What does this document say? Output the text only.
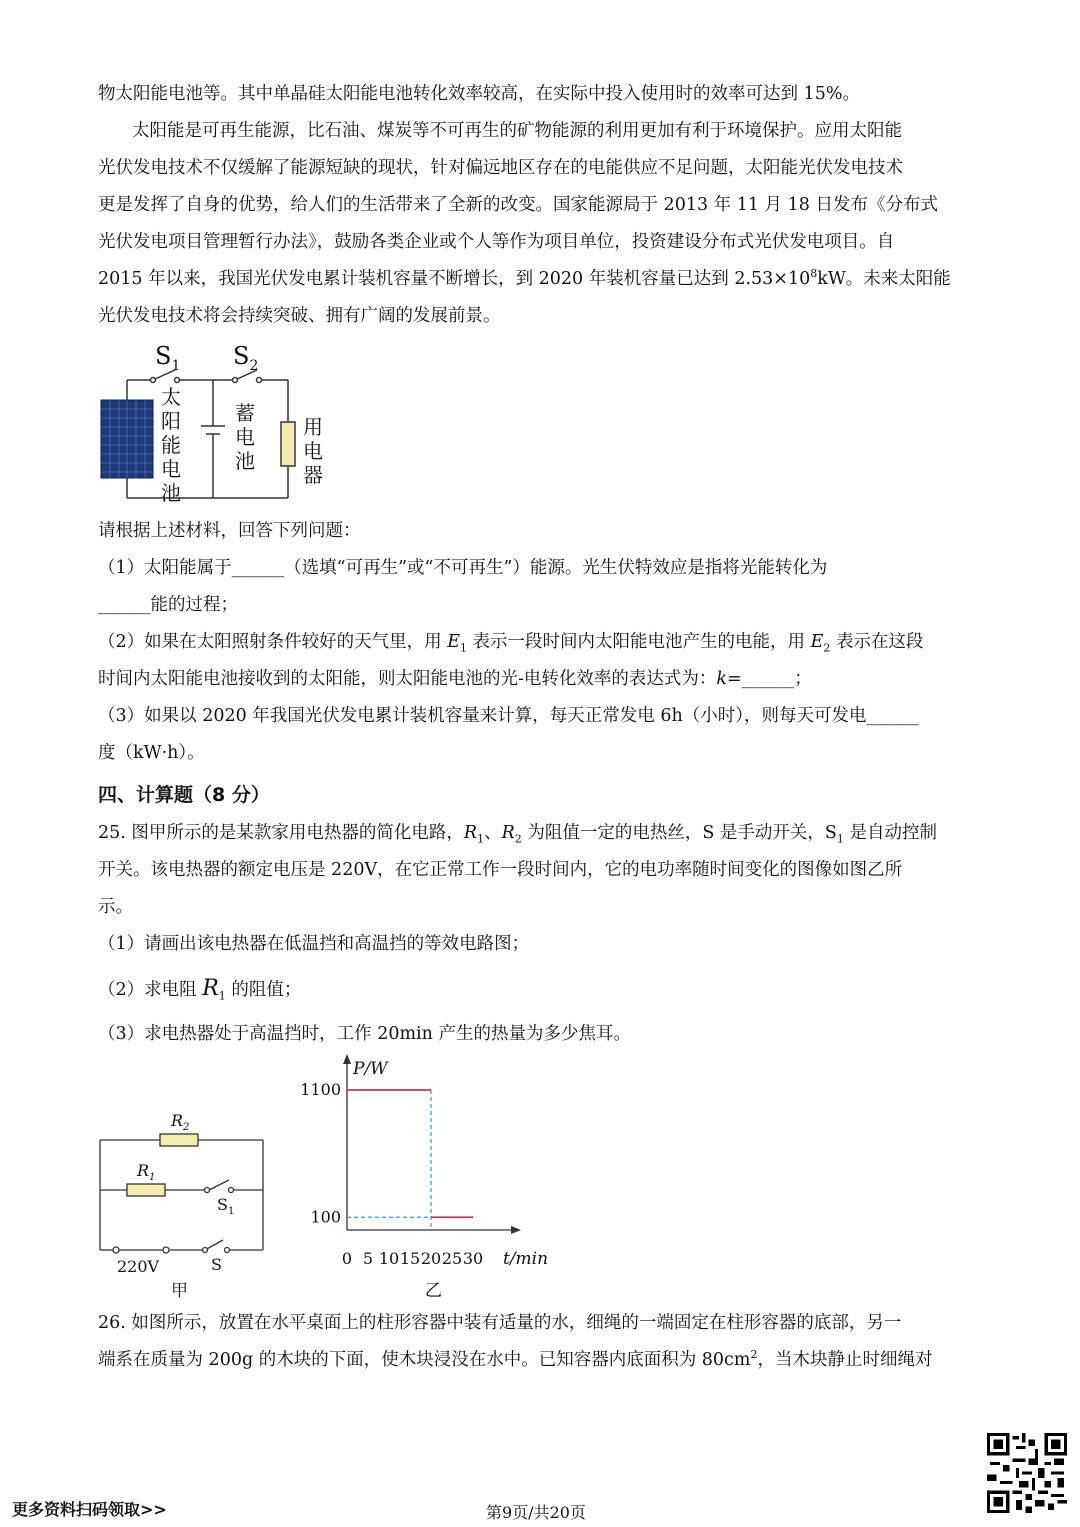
物太阳能电池等。其中单晶硅太阳能电池转化效率较高，在实际中投入使用时的效率可达到 15%。
太阳能是可再生能源，比石油、煤炭等不可再生的矿物能源的利用更加有利于环境保护。应用太阳能
光伏发电技术不仅缓解了能源短缺的现状，针对偏远地区存在的电能供应不足问题，太阳能光伏发电技术
更是发挥了自身的优势，给人们的生活带来了全新的改变。国家能源局于 2013 年 11 月 18 日发布《分布式
光伏发电项目管理暂行办法》，鼓励各类企业或个人等作为项目单位，投资建设分布式光伏发电项目。自
2015 年以来，我国光伏发电累计装机容量不断增长，到 2020 年装机容量已达到 $2.53\times 10^8kW$。未来太阳能
光伏发电技术将会持续突破、拥有广阔的发展前景。
$S_1$ $S_2$
太
阳
能
电
池
蓄
电
池
用
电
器
请根据上述材料，回答下列问题：
（1）太阳能属于______（选填“可再生”或“不可再生”）能源。光生伏特效应是指将光能转化为
______能的过程；
（2）如果在太阳照射条件较好的天气里，用 $E_1$ 表示一段时间内太阳能电池产生的电能，用 $E_2$ 表示在这段
时间内太阳能电池接收到的太阳能，则太阳能电池的光-电转化效率的表达式为：k=______；
（3）如果以 2020 年我国光伏发电累计装机容量来计算，每天正常发电 6h（小时），则每天可发电______
度（kW·h）。
四、计算题（8 分）
25. 图甲所示的是某款家用电热器的简化电路，$R_1$、$R_2$ 为阻值一定的电热丝，S 是手动开关，$S_1$ 是自动控制
开关。该电热器的额定电压是 220V，在它正常工作一段时间内，它的电功率随时间变化的图像如图乙所
示。
（1）请画出该电热器在低温挡和高温挡的等效电路图；
（2）求电阻 $R_1$ 的阻值；
（3）求电热器处于高温挡时，工作 20min 产生的热量为多少焦耳。
$R_2$
$R_1$
$S_1$
220V	S
甲
0 5 10 15 20 25 30
100
1100
P/W
t/min
乙
26. 如图所示，放置在水平桌面上的柱形容器中装有适量的水，细绳的一端固定在柱形容器的底部，另一
端系在质量为 200g 的木块的下面，使木块浸没在水中。已知容器内底面积为 $80cm^2$，当木块静止时细绳对
更多资料扫码领取>>	第9页/共20页
